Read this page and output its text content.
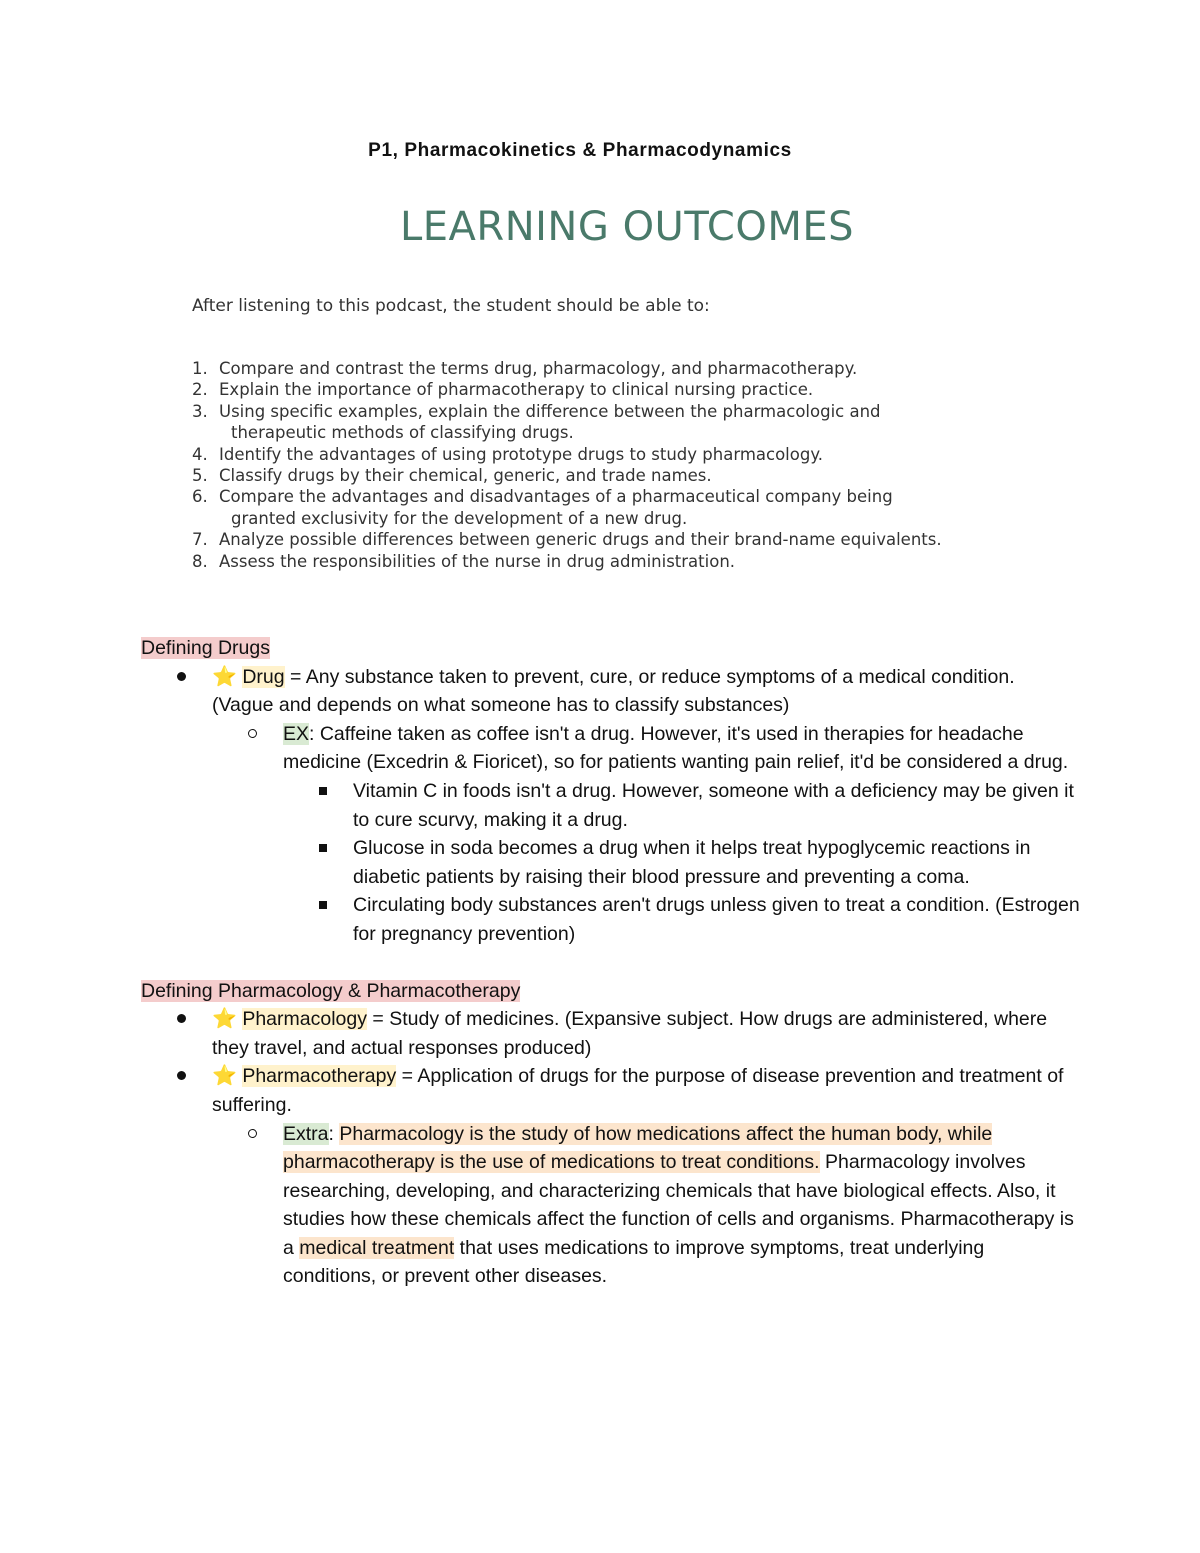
P1, Pharmacokinetics & Pharmacodynamics
LEARNING OUTCOMES
After listening to this podcast, the student should be able to:
1. Compare and contrast the terms drug, pharmacology, and pharmacotherapy.
2. Explain the importance of pharmacotherapy to clinical nursing practice.
3. Using specific examples, explain the difference between the pharmacologic and
therapeutic methods of classifying drugs.
4. Identify the advantages of using prototype drugs to study pharmacology.
5. Classify drugs by their chemical, generic, and trade names.
6. Compare the advantages and disadvantages of a pharmaceutical company being
granted exclusivity for the development of a new drug.
7. Analyze possible differences between generic drugs and their brand-name equivalents.
8. Assess the responsibilities of the nurse in drug administration.
Defining Drugs
⭐ Drug = Any substance taken to prevent, cure, or reduce symptoms of a medical condition. (Vague and depends on what someone has to classify substances)
EX: Caffeine taken as coffee isn't a drug. However, it's used in therapies for headache medicine (Excedrin & Fioricet), so for patients wanting pain relief, it'd be considered a drug.
Vitamin C in foods isn't a drug. However, someone with a deficiency may be given it to cure scurvy, making it a drug.
Glucose in soda becomes a drug when it helps treat hypoglycemic reactions in diabetic patients by raising their blood pressure and preventing a coma.
Circulating body substances aren't drugs unless given to treat a condition. (Estrogen for pregnancy prevention)
Defining Pharmacology & Pharmacotherapy
⭐ Pharmacology = Study of medicines. (Expansive subject. How drugs are administered, where they travel, and actual responses produced)
⭐ Pharmacotherapy = Application of drugs for the purpose of disease prevention and treatment of suffering.
Extra: Pharmacology is the study of how medications affect the human body, while pharmacotherapy is the use of medications to treat conditions. Pharmacology involves researching, developing, and characterizing chemicals that have biological effects. Also, it studies how these chemicals affect the function of cells and organisms. Pharmacotherapy is a medical treatment that uses medications to improve symptoms, treat underlying conditions, or prevent other diseases.
